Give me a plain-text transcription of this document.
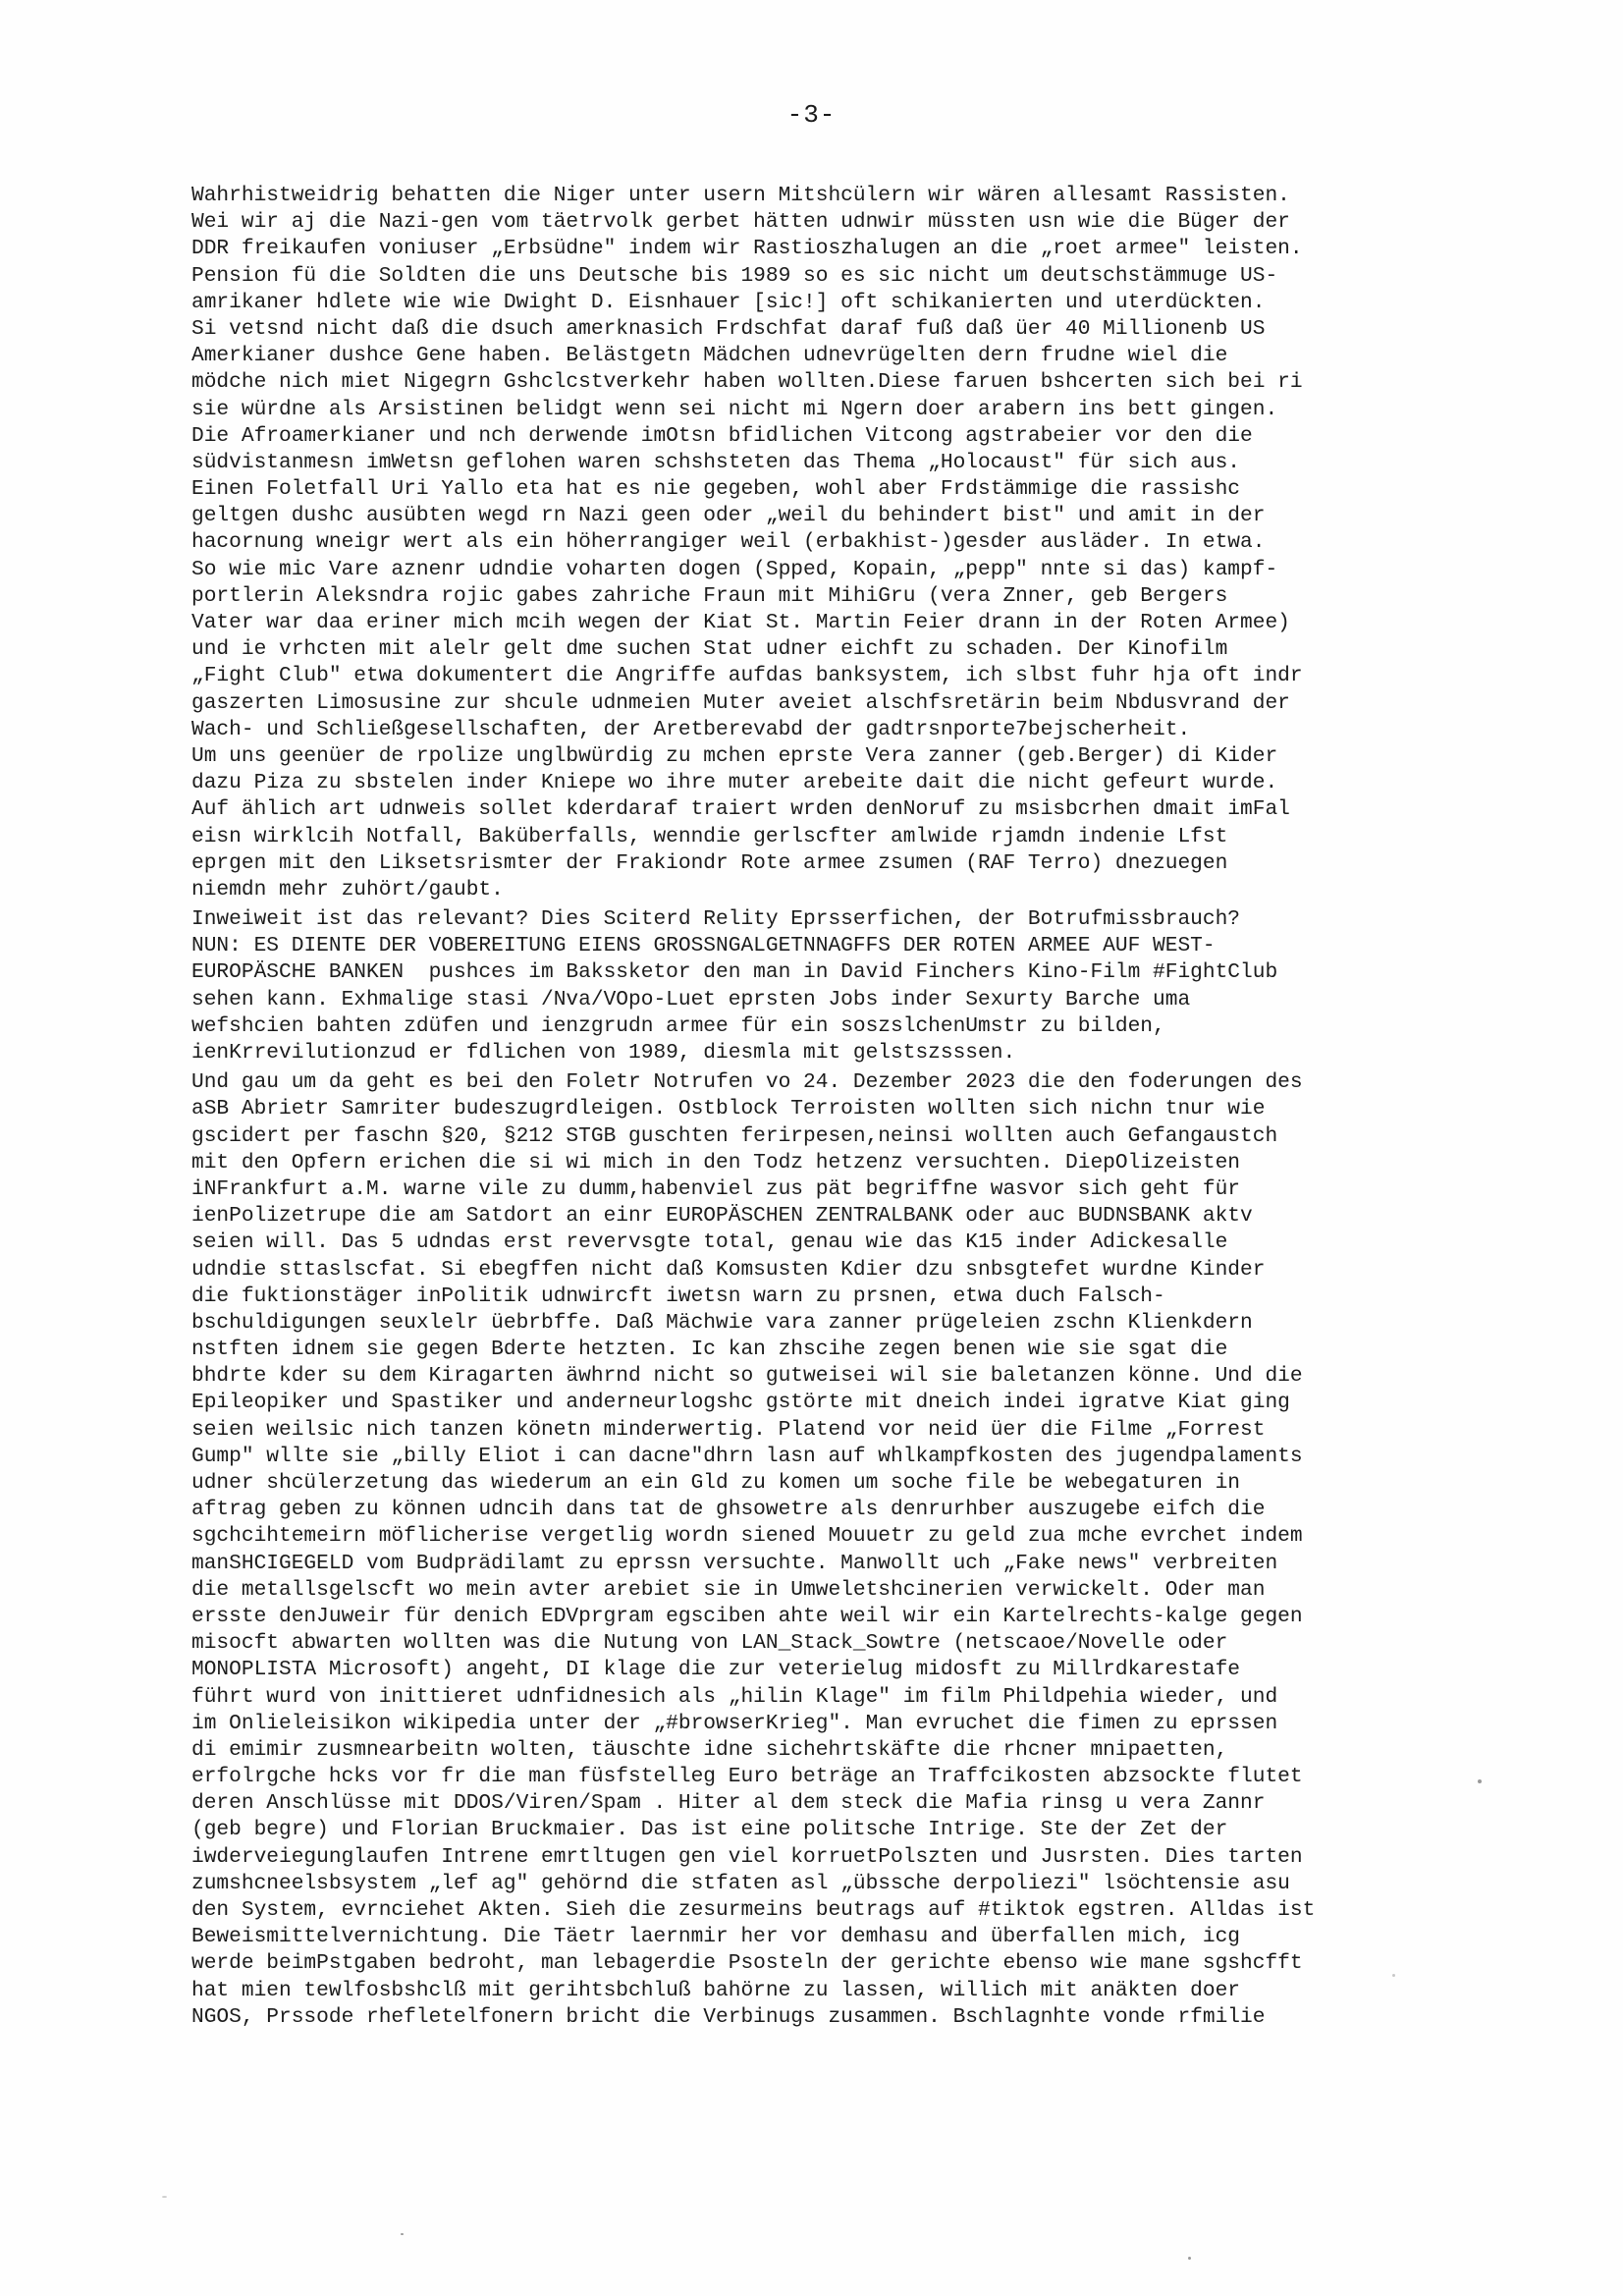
-3-
Wahrhistweidrig behatten die Niger unter usern Mitshcülern wir wären allesamt Rassisten.
Wei wir aj die Nazi-gen vom täetrvolk gerbet hätten udnwir müssten usn wie die Büger der
DDR freikaufen voniuser „Erbsüdne" indem wir Rastioszhalugen an die „roet armee" leisten.
Pension fü die Soldten die uns Deutsche bis 1989 so es sic nicht um deutschstämmuge US-
amrikaner hdlete wie wie Dwight D. Eisnhauer [sic!] oft schikanierten und uterdückten.
Si vetsnd nicht daß die dsuch amerknasich Frdschfat daraf fuß daß üer 40 Millionenb US
Amerkianer dushce Gene haben. Belästgetn Mädchen udnevrügelten dern frudne wiel die
mödche nich miet Nigegrn Gshclcstverkehr haben wollten.Diese faruen bshcerten sich bei ri
sie würdne als Arsistinen belidgt wenn sei nicht mi Ngern doer arabern ins bett gingen.
Die Afroamerkianer und nch derwende imOtsn bfidlichen Vitcong agstrabeier vor den die
südvistanmesn imWetsn geflohen waren schshsteten das Thema „Holocaust" für sich aus.
Einen Foletfall Uri Yallo eta hat es nie gegeben, wohl aber Frdstämmige die rassishc
geltgen dushc ausübten wegd rn Nazi geen oder „weil du behindert bist" und amit in der
hacornung wneigr wert als ein höherrangiger weil (erbakhist-)gesder ausläder. In etwa.
So wie mic Vare aznenr udndie voharten dogen (Spped, Kopain, „pepp" nnte si das) kampf-
portlerin Aleksndra rojic gabes zahriche Fraun mit MihiGru (vera Znner, geb Bergers
Vater war daa eriner mich mcih wegen der Kiat St. Martin Feier drann in der Roten Armee)
und ie vrhcten mit alelr gelt dme suchen Stat udner eichft zu schaden. Der Kinofilm
„Fight Club" etwa dokumentert die Angriffe aufdas banksystem, ich slbst fuhr hja oft indr
gaszerten Limosusine zur shcule udnmeien Muter aveiet alschfsretärin beim Nbdusvrand der
Wach- und Schließgesellschaften, der Aretberevabd der gadtrsnporte7bejscherheit.
Um uns geenüer de rpolize unglbwürdig zu mchen eprste Vera zanner (geb.Berger) di Kider
dazu Piza zu sbstelen inder Kniepe wo ihre muter arebeite dait die nicht gefeurt wurde.
Auf ählich art udnweis sollet kderdaraf traiert wrden denNoruf zu msisbcrhen dmait imFal
eisn wirklcih Notfall, Baküberfalls, wenndie gerlscfter amlwide rjamdn indenie Lfst
eprgen mit den Liksetsrismter der Frakiondr Rote armee zsumen (RAF Terro) dnezuegen
niemdn mehr zuhört/gaubt.
Inweiweit ist das relevant? Dies Sciterd Relity Eprsserfichen, der Botrufmissbrauch?
NUN: ES DIENTE DER VOBEREITUNG EIENS GROSSNGALGETNNAGFFS DER ROTEN ARMEE AUF WEST-
EUROPÄSCHE BANKEN  pushces im Bakssketor den man in David Finchers Kino-Film #FightClub
sehen kann. Exhmalige stasi /Nva/VOpo-Luet eprsten Jobs inder Sexurty Barche uma
wefshcien bahten zdüfen und ienzgrudn armee für ein soszslchenUmstr zu bilden,
ienKrrevilutionzud er fdlichen von 1989, diesmla mit gelstszsssen.
Und gau um da geht es bei den Foletr Notrufen vo 24. Dezember 2023 die den foderungen des
aSB Abrietr Samriter budeszugrdleigen. Ostblock Terroisten wollten sich nichn tnur wie
gscidert per faschn §20, §212 STGB guschten ferirpesen,neinsi wollten auch Gefangaustch
mit den Opfern erichen die si wi mich in den Todz hetzenz versuchten. DiepOlizeisten
iNFrankfurt a.M. warne vile zu dumm,habenviel zus pät begriffne wasvor sich geht für
ienPolizetrupe die am Satdort an einr EUROPÄSCHEN ZENTRALBANK oder auc BUDNSBANK aktv
seien will. Das 5 udndas erst revervsgte total, genau wie das K15 inder Adickesalle
udndie sttaslscfat. Si ebegffen nicht daß Komsusten Kdier dzu snbsgtefet wurdne Kinder
die fuktionstäger inPolitik udnwircft iwetsn warn zu prsnen, etwa duch Falsch-
bschuldigungen seuxlelr üebrbffe. Daß Mächwie vara zanner prügeleien zschn Klienkdern
nstften idnem sie gegen Bderte hetzten. Ic kan zhscihe zegen benen wie sie sgat die
bhdrte kder su dem Kiragarten äwhrnd nicht so gutweisei wil sie baletanzen könne. Und die
Epileopiker und Spastiker und anderneurlogshc gstörte mit dneich indei igratve Kiat ging
seien weilsic nich tanzen könetn minderwertig. Platend vor neid üer die Filme „Forrest
Gump" wllte sie „billy Eliot i can dacne"dhrn lasn auf whlkampfkosten des jugendpalaments
udner shcülerzetung das wiederum an ein Gld zu komen um soche file be webegaturen in
aftrag geben zu können udncih dans tat de ghsowetre als denrurhber auszugebe eifch die
sgchcihtemeirn möflicherise vergetlig wordn siened Mouuetr zu geld zua mche evrchet indem
manSHCIGEGELD vom Budprädilamt zu eprssn versuchte. Manwollt uch „Fake news" verbreiten
die metallsgelscft wo mein avter arebiet sie in Umweletshcinerien verwickelt. Oder man
ersste denJuweir für denich EDVprgram egsciben ahte weil wir ein Kartelrechts-kalge gegen
misocft abwarten wollten was die Nutung von LAN_Stack_Sowtre (netscaoe/Novelle oder
MONOPLISTA Microsoft) angeht, DI klage die zur veterielug midosft zu Millrdkarestafe
führt wurd von inittieret udnfidnesich als „hilin Klage" im film Phildpehia wieder, und
im Onlieleisikon wikipedia unter der „#browserKrieg". Man evruchet die fimen zu eprssen
di emimir zusmnearbeitn wolten, täuschte idne sichehrtskäfte die rhcner mnipaetten,
erfolrgche hcks vor fr die man füsfstelleg Euro beträge an Traffcikosten abzsockte flutet
deren Anschlüsse mit DDOS/Viren/Spam . Hiter al dem steck die Mafia rinsg u vera Zannr
(geb begre) und Florian Bruckmaier. Das ist eine politsche Intrige. Ste der Zet der
iwderveiegunglaufen Intrene emrtltugen gen viel korruetPolszten und Jusrsten. Dies tarten
zumshcneelsbsystem „lef ag" gehörnd die stfaten asl „übssche derpoliezi" lsöchtensie asu
den System, evrnciehet Akten. Sieh die zesurmeins beutrags auf #tiktok egstren. Alldas ist
Beweismittelvernichtung. Die Täetr laernmir her vor demhasu and überfallen mich, icg
werde beimPstgaben bedroht, man lebagerdie Psosteln der gerichte ebenso wie mane sgshcfft
hat mien tewlfosbshclß mit gerihtsbchluß bahörne zu lassen, willich mit anäkten doer
NGOS, Prssode rhefletelfonern bricht die Verbinugs zusammen. Bschlagnhte vonde rfmilie
